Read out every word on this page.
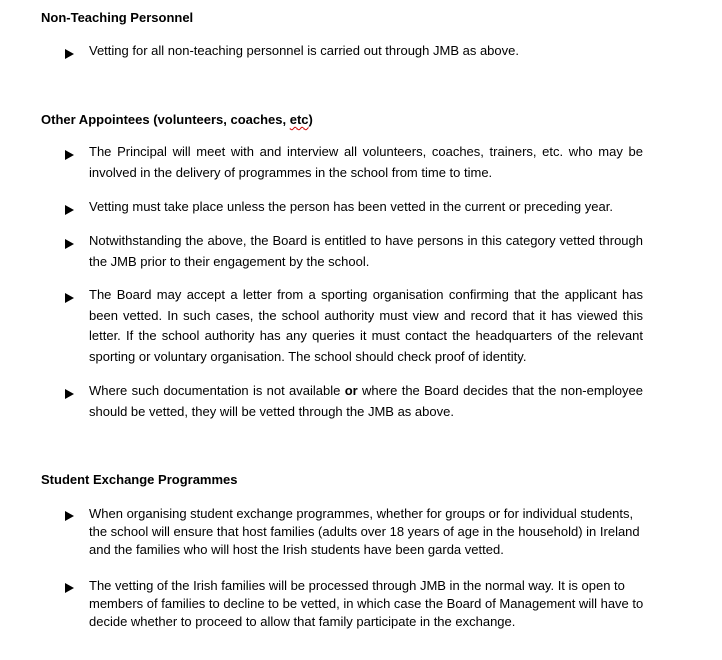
Non-Teaching Personnel
Vetting for all non-teaching personnel is carried out through JMB as above.
Other Appointees (volunteers, coaches, etc)
The Principal will meet with and interview all volunteers, coaches, trainers, etc. who may be involved in the delivery of programmes in the school from time to time.
Vetting must take place unless the person has been vetted in the current or preceding year.
Notwithstanding the above, the Board is entitled to have persons in this category vetted through the JMB prior to their engagement by the school.
The Board may accept a letter from a sporting organisation confirming that the applicant has been vetted. In such cases, the school authority must view and record that it has viewed this letter. If the school authority has any queries it must contact the headquarters of the relevant sporting or voluntary organisation. The school should check proof of identity.
Where such documentation is not available or where the Board decides that the non-employee should be vetted, they will be vetted through the JMB as above.
Student Exchange Programmes
When organising student exchange programmes, whether for groups or for individual students, the school will ensure that host families (adults over 18 years of age in the household) in Ireland and the families who will host the Irish students have been garda vetted.
The vetting of the Irish families will be processed through JMB in the normal way. It is open to members of families to decline to be vetted, in which case the Board of Management will have to decide whether to proceed to allow that family participate in the exchange.
